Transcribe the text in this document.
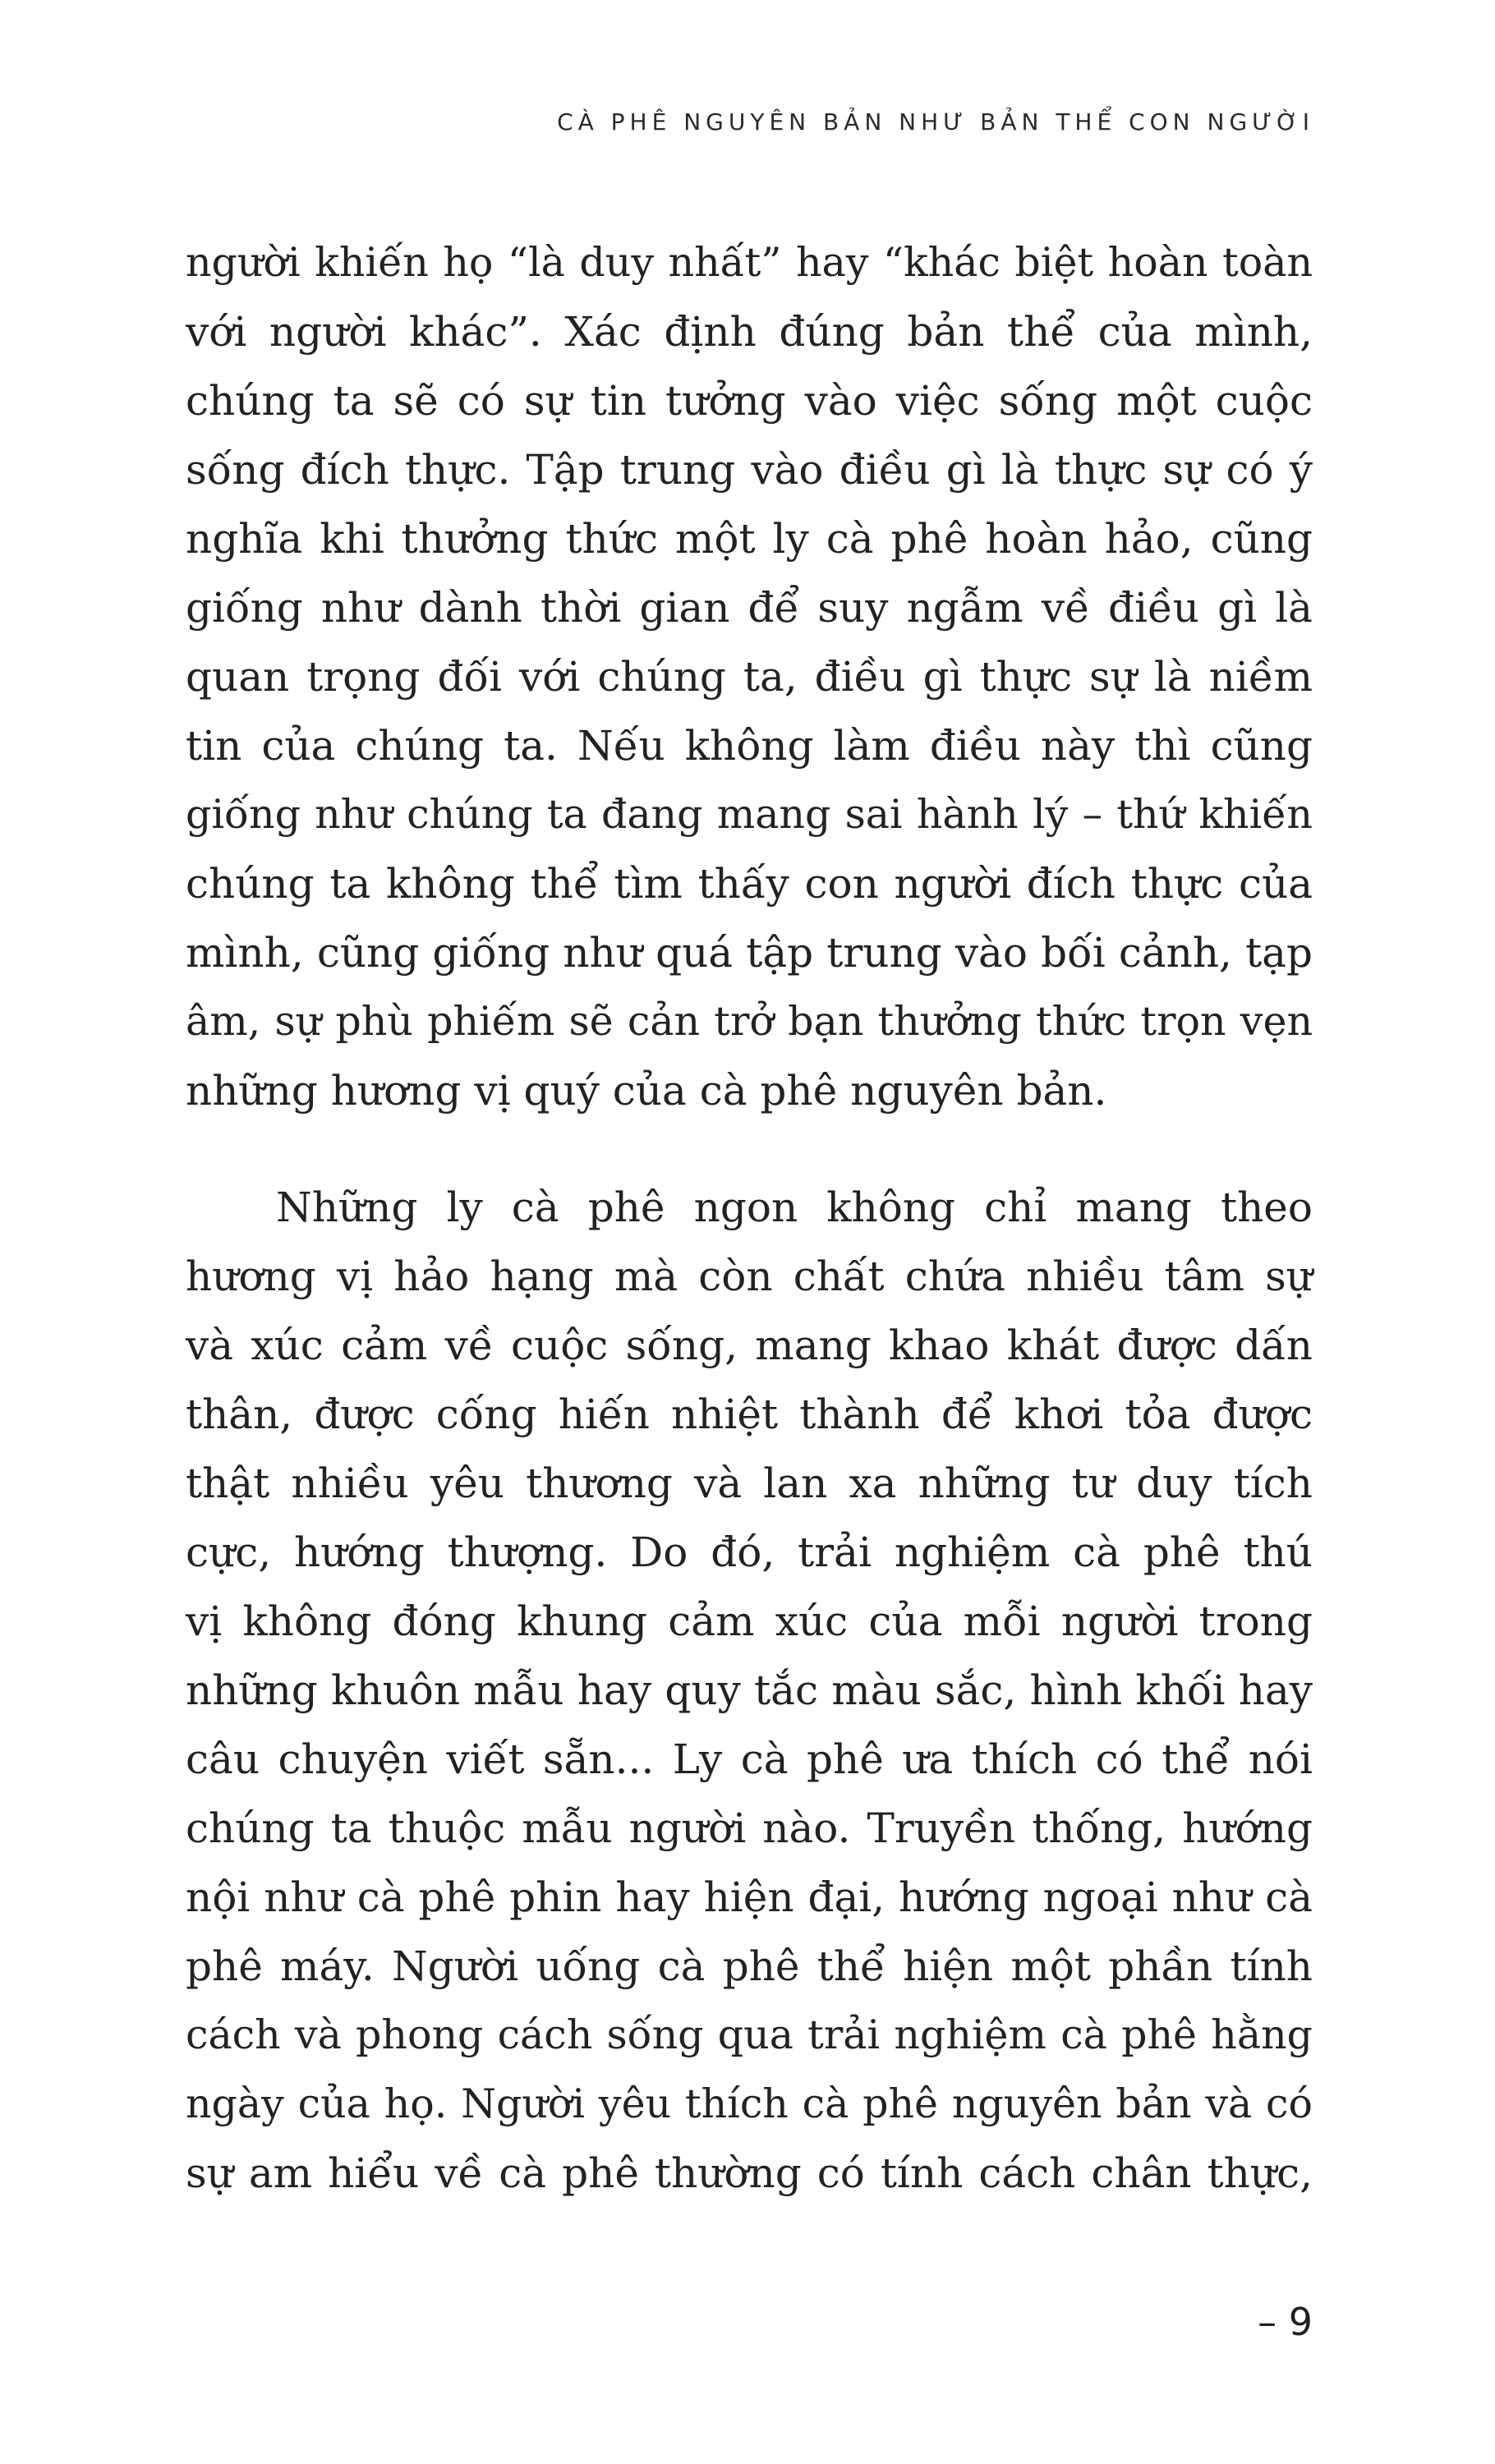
CÀ PHÊ NGUYÊN BẢN NHƯ BẢN THỂ CON NGƯỜI
người khiến họ “là duy nhất” hay “khác biệt hoàn toàn
với người khác”. Xác định đúng bản thể của mình,
chúng ta sẽ có sự tin tưởng vào việc sống một cuộc
sống đích thực. Tập trung vào điều gì là thực sự có ý
nghĩa khi thưởng thức một ly cà phê hoàn hảo, cũng
giống như dành thời gian để suy ngẫm về điều gì là
quan trọng đối với chúng ta, điều gì thực sự là niềm
tin của chúng ta. Nếu không làm điều này thì cũng
giống như chúng ta đang mang sai hành lý – thứ khiến
chúng ta không thể tìm thấy con người đích thực của
mình, cũng giống như quá tập trung vào bối cảnh, tạp
âm, sự phù phiếm sẽ cản trở bạn thưởng thức trọn vẹn
những hương vị quý của cà phê nguyên bản.
Những ly cà phê ngon không chỉ mang theo
hương vị hảo hạng mà còn chất chứa nhiều tâm sự
và xúc cảm về cuộc sống, mang khao khát được dấn
thân, được cống hiến nhiệt thành để khơi tỏa được
thật nhiều yêu thương và lan xa những tư duy tích
cực, hướng thượng. Do đó, trải nghiệm cà phê thú
vị không đóng khung cảm xúc của mỗi người trong
những khuôn mẫu hay quy tắc màu sắc, hình khối hay
câu chuyện viết sẵn... Ly cà phê ưa thích có thể nói
chúng ta thuộc mẫu người nào. Truyền thống, hướng
nội như cà phê phin hay hiện đại, hướng ngoại như cà
phê máy. Người uống cà phê thể hiện một phần tính
cách và phong cách sống qua trải nghiệm cà phê hằng
ngày của họ. Người yêu thích cà phê nguyên bản và có
sự am hiểu về cà phê thường có tính cách chân thực,
– 9
